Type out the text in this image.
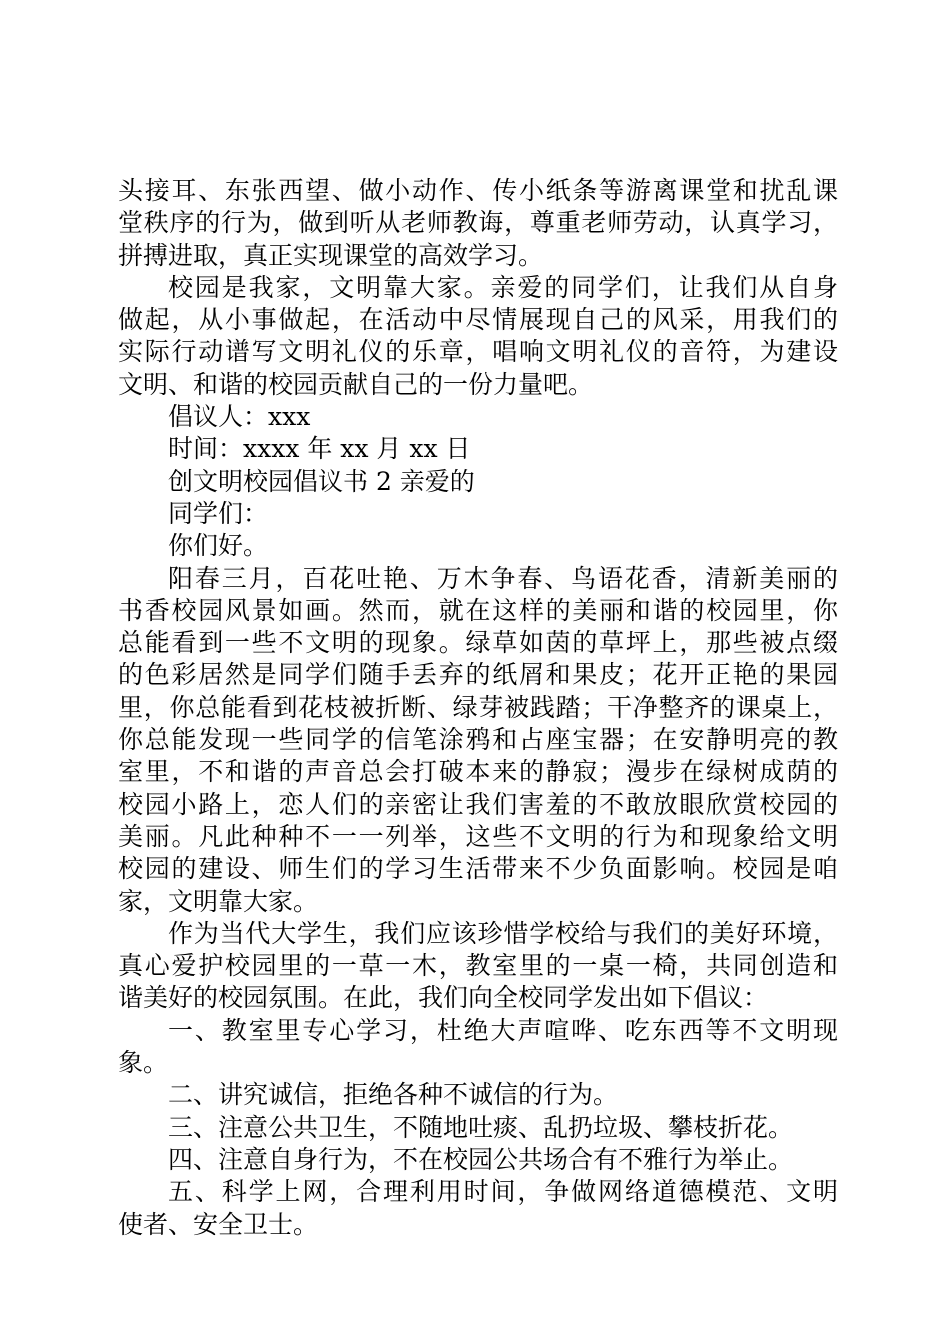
头接耳、东张西望、做小动作、传小纸条等游离课堂和扰乱课
堂秩序的行为，做到听从老师教诲，尊重老师劳动，认真学习，
拼搏进取，真正实现课堂的高效学习。
校园是我家，文明靠大家。亲爱的同学们，让我们从自身
做起，从小事做起，在活动中尽情展现自己的风采，用我们的
实际行动谱写文明礼仪的乐章，唱响文明礼仪的音符，为建设
文明、和谐的校园贡献自己的一份力量吧。
倡议人：xxx
时间：xxxx 年 xx 月 xx 日
创文明校园倡议书 2 亲爱的
同学们：
你们好。
阳春三月，百花吐艳、万木争春、鸟语花香，清新美丽的
书香校园风景如画。然而，就在这样的美丽和谐的校园里，你
总能看到一些不文明的现象。绿草如茵的草坪上，那些被点缀
的色彩居然是同学们随手丢弃的纸屑和果皮；花开正艳的果园
里，你总能看到花枝被折断、绿芽被践踏；干净整齐的课桌上，
你总能发现一些同学的信笔涂鸦和占座宝器；在安静明亮的教
室里，不和谐的声音总会打破本来的静寂；漫步在绿树成荫的
校园小路上，恋人们的亲密让我们害羞的不敢放眼欣赏校园的
美丽。凡此种种不一一列举，这些不文明的行为和现象给文明
校园的建设、师生们的学习生活带来不少负面影响。校园是咱
家，文明靠大家。
作为当代大学生，我们应该珍惜学校给与我们的美好环境，
真心爱护校园里的一草一木，教室里的一桌一椅，共同创造和
谐美好的校园氛围。在此，我们向全校同学发出如下倡议：
一、教室里专心学习，杜绝大声喧哗、吃东西等不文明现
象。
二、讲究诚信，拒绝各种不诚信的行为。
三、注意公共卫生，不随地吐痰、乱扔垃圾、攀枝折花。
四、注意自身行为，不在校园公共场合有不雅行为举止。
五、科学上网，合理利用时间，争做网络道德模范、文明
使者、安全卫士。
